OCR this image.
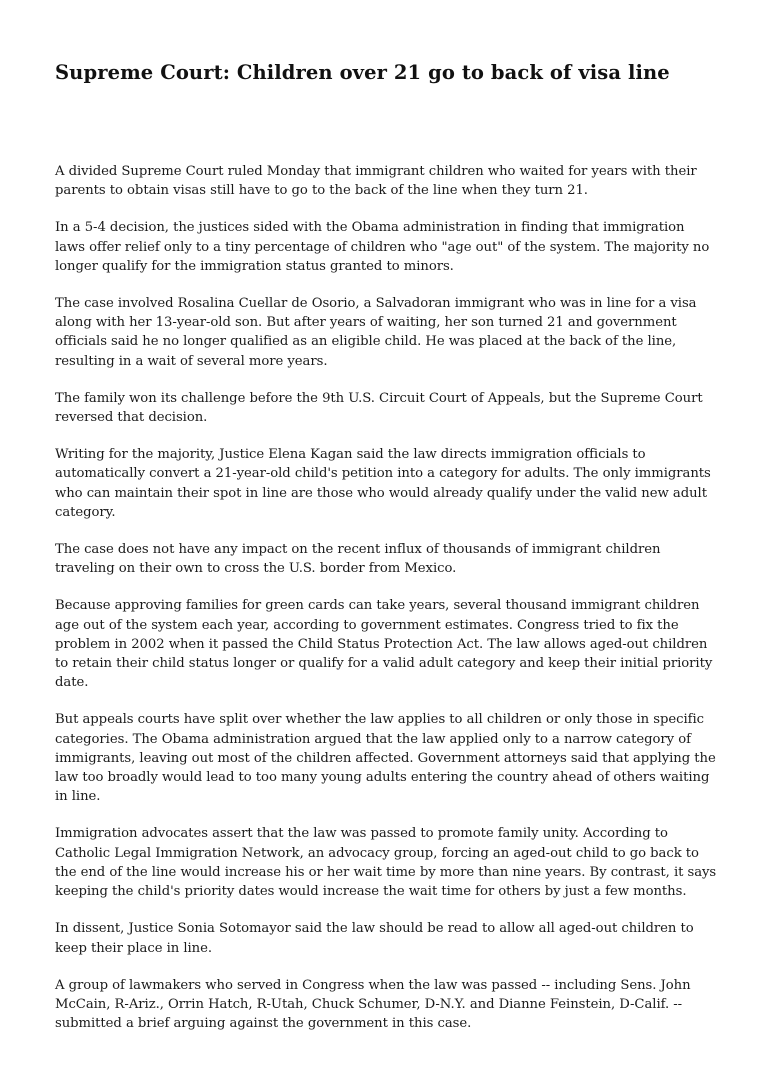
Supreme Court: Children over 21 go to back of visa line

A divided Supreme Court ruled Monday that immigrant children who waited for years with their parents to obtain visas still have to go to the back of the line when they turn 21.

In a 5-4 decision, the justices sided with the Obama administration in finding that immigration laws offer relief only to a tiny percentage of children who "age out" of the system. The majority no longer qualify for the immigration status granted to minors.

The case involved Rosalina Cuellar de Osorio, a Salvadoran immigrant who was in line for a visa along with her 13-year-old son. But after years of waiting, her son turned 21 and government officials said he no longer qualified as an eligible child. He was placed at the back of the line, resulting in a wait of several more years.

The family won its challenge before the 9th U.S. Circuit Court of Appeals, but the Supreme Court reversed that decision.

Writing for the majority, Justice Elena Kagan said the law directs immigration officials to automatically convert a 21-year-old child's petition into a category for adults. The only immigrants who can maintain their spot in line are those who would already qualify under the valid new adult category.

The case does not have any impact on the recent influx of thousands of immigrant children traveling on their own to cross the U.S. border from Mexico.

Because approving families for green cards can take years, several thousand immigrant children age out of the system each year, according to government estimates. Congress tried to fix the problem in 2002 when it passed the Child Status Protection Act. The law allows aged-out children to retain their child status longer or qualify for a valid adult category and keep their initial priority date.

But appeals courts have split over whether the law applies to all children or only those in specific categories. The Obama administration argued that the law applied only to a narrow category of immigrants, leaving out most of the children affected. Government attorneys said that applying the law too broadly would lead to too many young adults entering the country ahead of others waiting in line.

Immigration advocates assert that the law was passed to promote family unity. According to Catholic Legal Immigration Network, an advocacy group, forcing an aged-out child to go back to the end of the line would increase his or her wait time by more than nine years. By contrast, it says keeping the child's priority dates would increase the wait time for others by just a few months.

In dissent, Justice Sonia Sotomayor said the law should be read to allow all aged-out children to keep their place in line.

A group of lawmakers who served in Congress when the law was passed -- including Sens. John McCain, R-Ariz., Orrin Hatch, R-Utah, Chuck Schumer, D-N.Y. and Dianne Feinstein, D-Calif. -- submitted a brief arguing against the government in this case.
